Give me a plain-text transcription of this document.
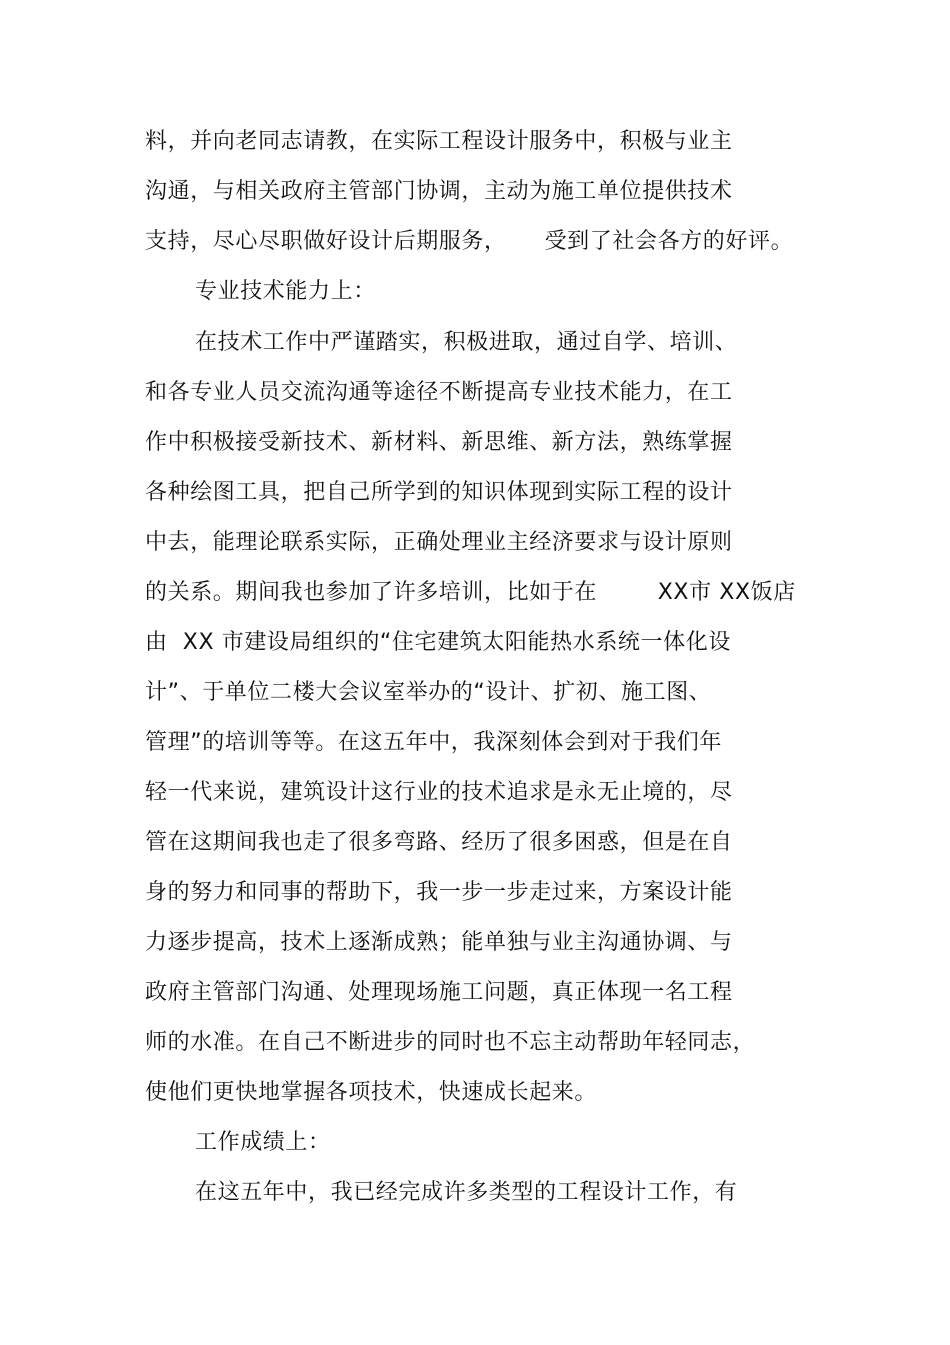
料，并向老同志请教，在实际工程设计服务中，积极与业主
沟通，与相关政府主管部门协调，主动为施工单位提供技术
支持，尽心尽职做好设计后期服务，     受到了社会各方的好评。
专业技术能力上：
在技术工作中严谨踏实，积极进取，通过自学、培训、
和各专业人员交流沟通等途径不断提高专业技术能力，在工
作中积极接受新技术、新材料、新思维、新方法，熟练掌握
各种绘图工具，把自己所学到的知识体现到实际工程的设计
中去，能理论联系实际，正确处理业主经济要求与设计原则
的关系。期间我也参加了许多培训，比如于在        XX市 XX饭店
由  XX 市建设局组织的“住宅建筑太阳能热水系统一体化设
计”、于单位二楼大会议室举办的“设计、扩初、施工图、
管理”的培训等等。在这五年中，我深刻体会到对于我们年
轻一代来说，建筑设计这行业的技术追求是永无止境的，尽
管在这期间我也走了很多弯路、经历了很多困惑，但是在自
身的努力和同事的帮助下，我一步一步走过来，方案设计能
力逐步提高，技术上逐渐成熟；能单独与业主沟通协调、与
政府主管部门沟通、处理现场施工问题，真正体现一名工程
师的水准。在自己不断进步的同时也不忘主动帮助年轻同志，
使他们更快地掌握各项技术，快速成长起来。
工作成绩上：
在这五年中，我已经完成许多类型的工程设计工作，有
